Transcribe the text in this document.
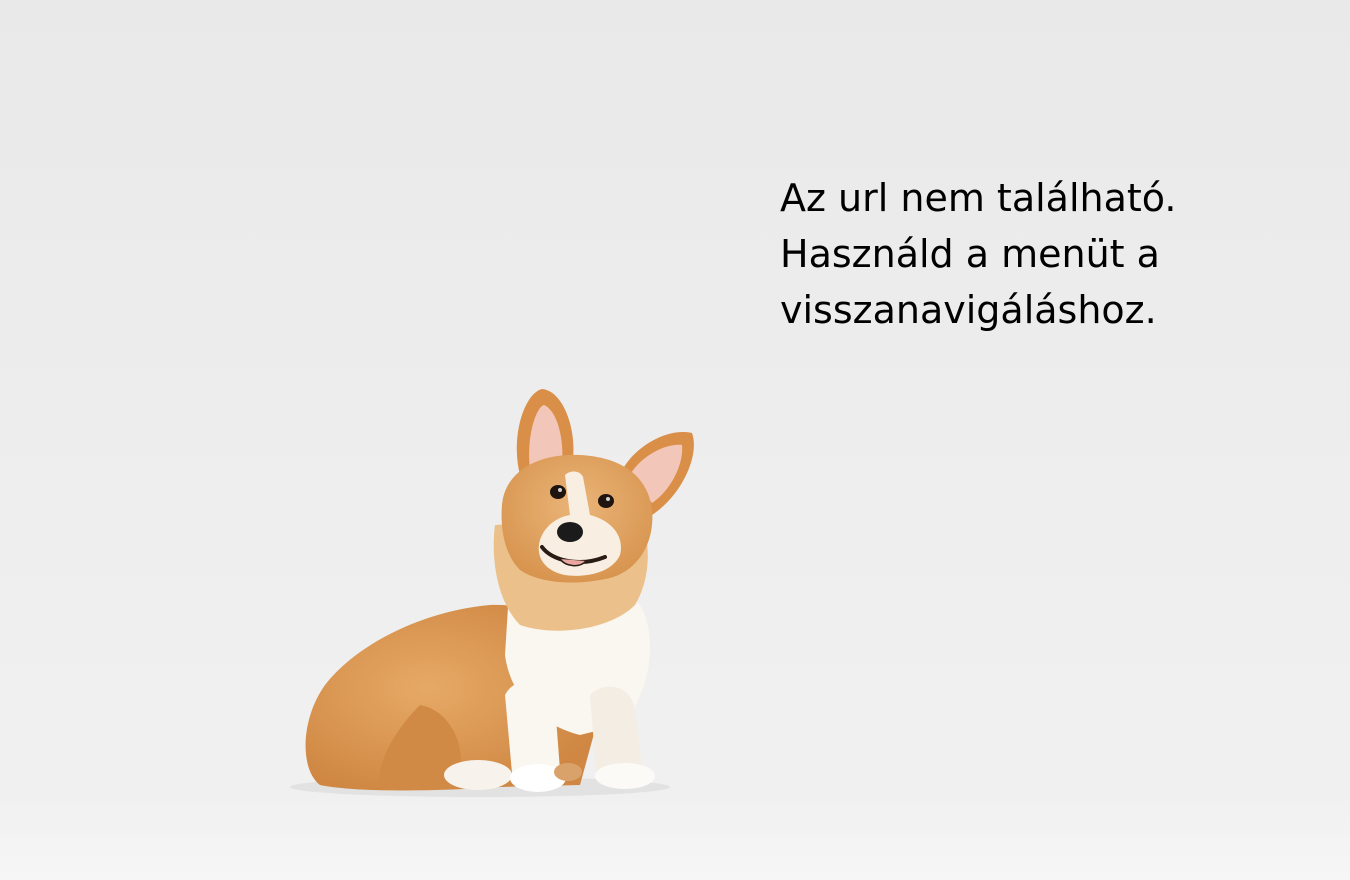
Az url nem található.
Használd a menüt a
visszanavigáláshoz.
